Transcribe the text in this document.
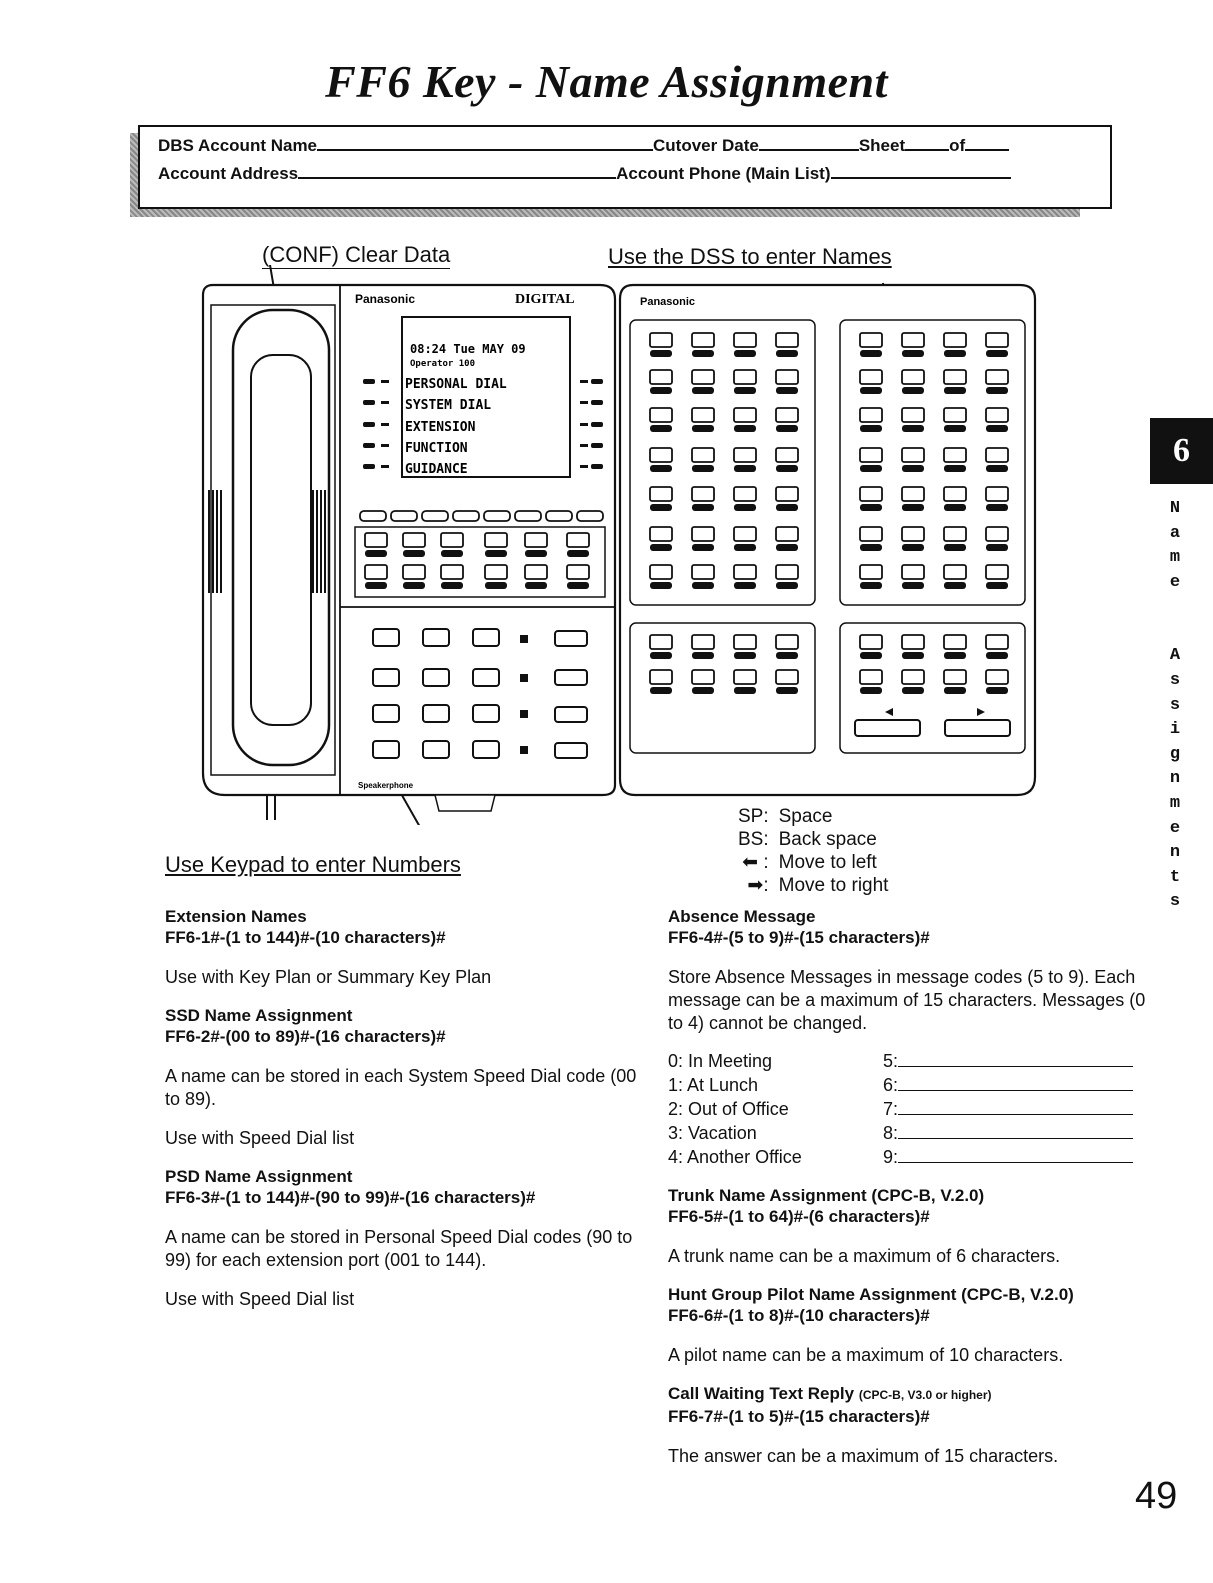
FF6 Key - Name Assignment
DBS Account Name	Cutover Date	Sheet	of
Account Address	Account Phone (Main List)
(CONF) Clear Data	Use the DSS to enter Names
Use Keypad to enter Numbers
Panasonic	DIGITAL
08:24 Tue MAY 09
Operator 100
PERSONAL DIAL
SYSTEM DIAL
EXTENSION
FUNCTION
GUIDANCE
Speakerphone
Panasonic
SP:	Space
BS:	Back space
⬅ :	Move to left
➡:	Move to right
Extension Names
FF6-1#-(1 to 144)#-(10 characters)#
Use with Key Plan or Summary Key Plan
SSD Name Assignment
FF6-2#-(00 to 89)#-(16 characters)#
A name can be stored in each System Speed Dial code (00 to 89).
Use with Speed Dial list
PSD Name Assignment
FF6-3#-(1 to 144)#-(90 to 99)#-(16 characters)#
A name can be stored in Personal Speed Dial codes (90 to 99) for each extension port (001 to 144).
Use with Speed Dial list
Absence Message
FF6-4#-(5 to 9)#-(15 characters)#
Store Absence Messages in message codes (5 to 9). Each message can be a maximum of 15 characters. Messages (0 to 4) cannot be changed.
0: In Meeting	5:
1: At Lunch	6:
2: Out of Office	7:
3: Vacation	8:
4: Another Office	9:
Trunk Name Assignment (CPC-B, V.2.0)
FF6-5#-(1 to 64)#-(6 characters)#
A trunk name can be a maximum of 6 characters.
Hunt Group Pilot Name Assignment (CPC-B, V.2.0)
FF6-6#-(1 to 8)#-(10 characters)#
A pilot name can be a maximum of 10 characters.
Call Waiting Text Reply (CPC-B, V3.0 or higher)
FF6-7#-(1 to 5)#-(15 characters)#
The answer can be a maximum of 15 characters.
6
N
a
m
e
A
s
s
i
g
n
m
e
n
t
s
49
